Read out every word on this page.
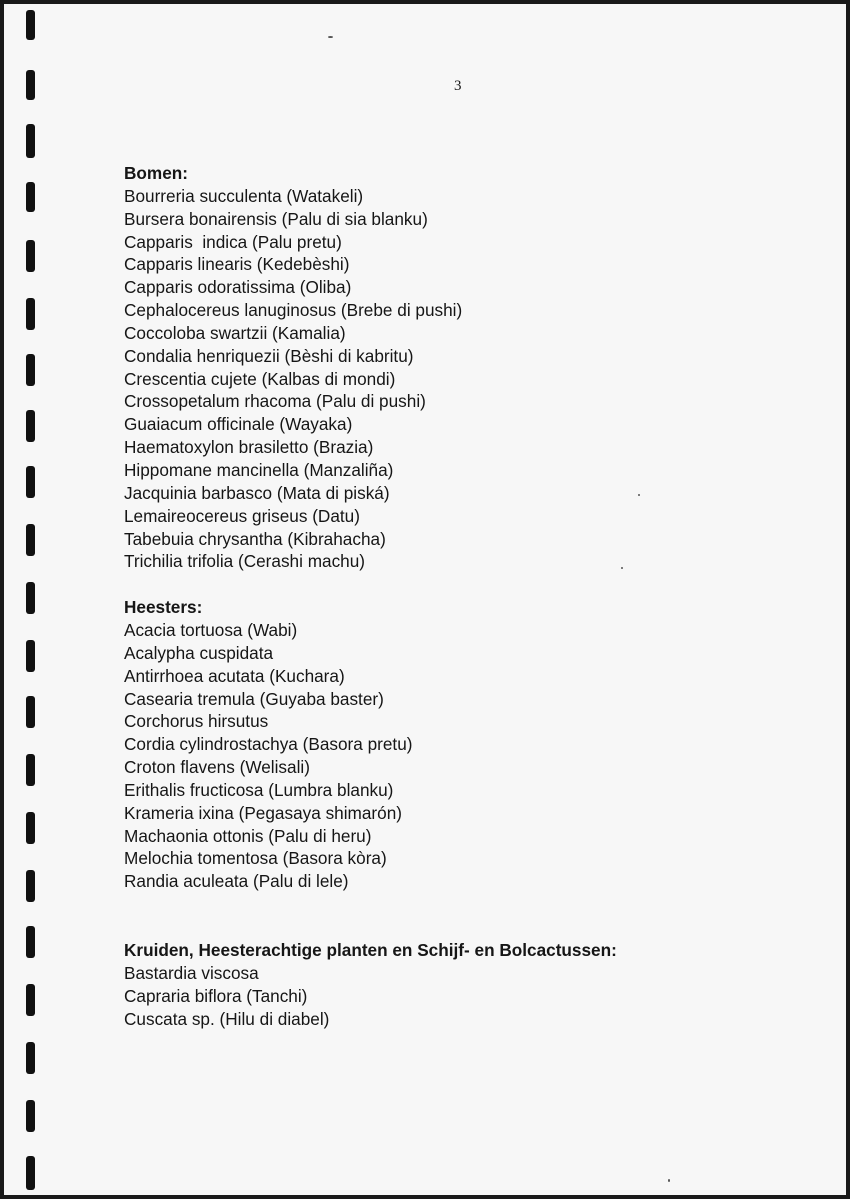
3
Bomen:
Bourreria succulenta (Watakeli)
Bursera bonairensis (Palu di sia blanku)
Capparis  indica (Palu pretu)
Capparis linearis (Kedebèshi)
Capparis odoratissima (Oliba)
Cephalocereus lanuginosus (Brebe di pushi)
Coccoloba swartzii (Kamalia)
Condalia henriquezii (Bèshi di kabritu)
Crescentia cujete (Kalbas di mondi)
Crossopetalum rhacoma (Palu di pushi)
Guaiacum officinale (Wayaka)
Haematoxylon brasiletto (Brazia)
Hippomane mancinella (Manzaliña)
Jacquinia barbasco (Mata di piská)
Lemaireocereus griseus (Datu)
Tabebuia chrysantha (Kibrahacha)
Trichilia trifolia (Cerashi machu)
Heesters:
Acacia tortuosa (Wabi)
Acalypha cuspidata
Antirrhoea acutata (Kuchara)
Casearia tremula (Guyaba baster)
Corchorus hirsutus
Cordia cylindrostachya (Basora pretu)
Croton flavens (Welisali)
Erithalis fructicosa (Lumbra blanku)
Krameria ixina (Pegasaya shimarón)
Machaonia ottonis (Palu di heru)
Melochia tomentosa (Basora kòra)
Randia aculeata (Palu di lele)
Kruiden, Heesterachtige planten en Schijf- en Bolcactussen:
Bastardia viscosa
Capraria biflora (Tanchi)
Cuscata sp. (Hilu di diabel)
